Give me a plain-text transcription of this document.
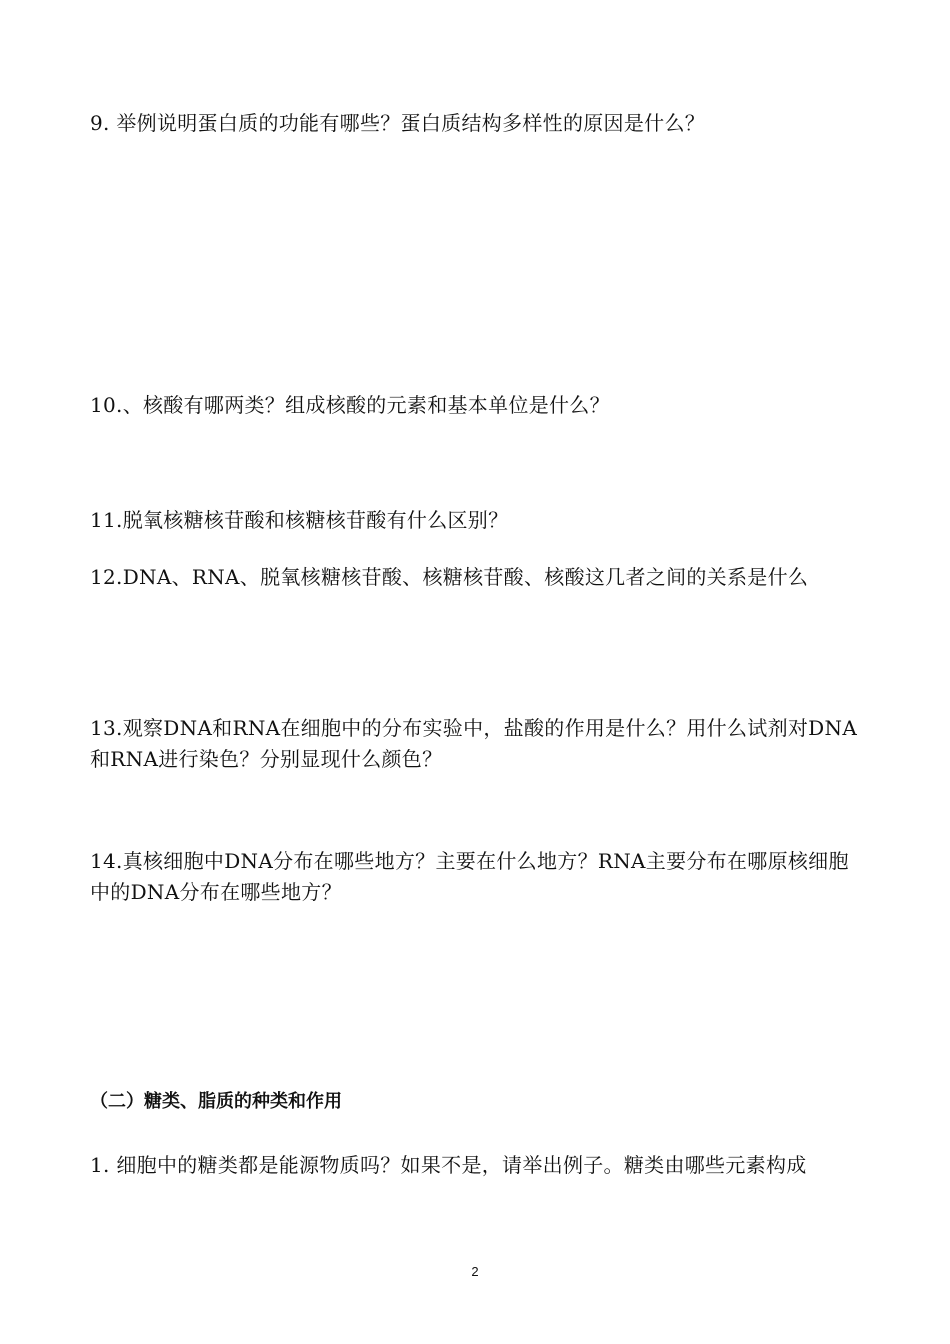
9. 举例说明蛋白质的功能有哪些？蛋白质结构多样性的原因是什么？

10.、核酸有哪两类？组成核酸的元素和基本单位是什么？

11.脱氧核糖核苷酸和核糖核苷酸有什么区别？

12.DNA、RNA、脱氧核糖核苷酸、核糖核苷酸、核酸这几者之间的关系是什么

13.观察DNA和RNA在细胞中的分布实验中，盐酸的作用是什么？用什么试剂对DNA和RNA进行染色？分别显现什么颜色？

14.真核细胞中DNA分布在哪些地方？主要在什么地方？RNA主要分布在哪原核细胞中的DNA分布在哪些地方？

（二）糖类、脂质的种类和作用

1. 细胞中的糖类都是能源物质吗？如果不是，请举出例子。糖类由哪些元素构成

2
